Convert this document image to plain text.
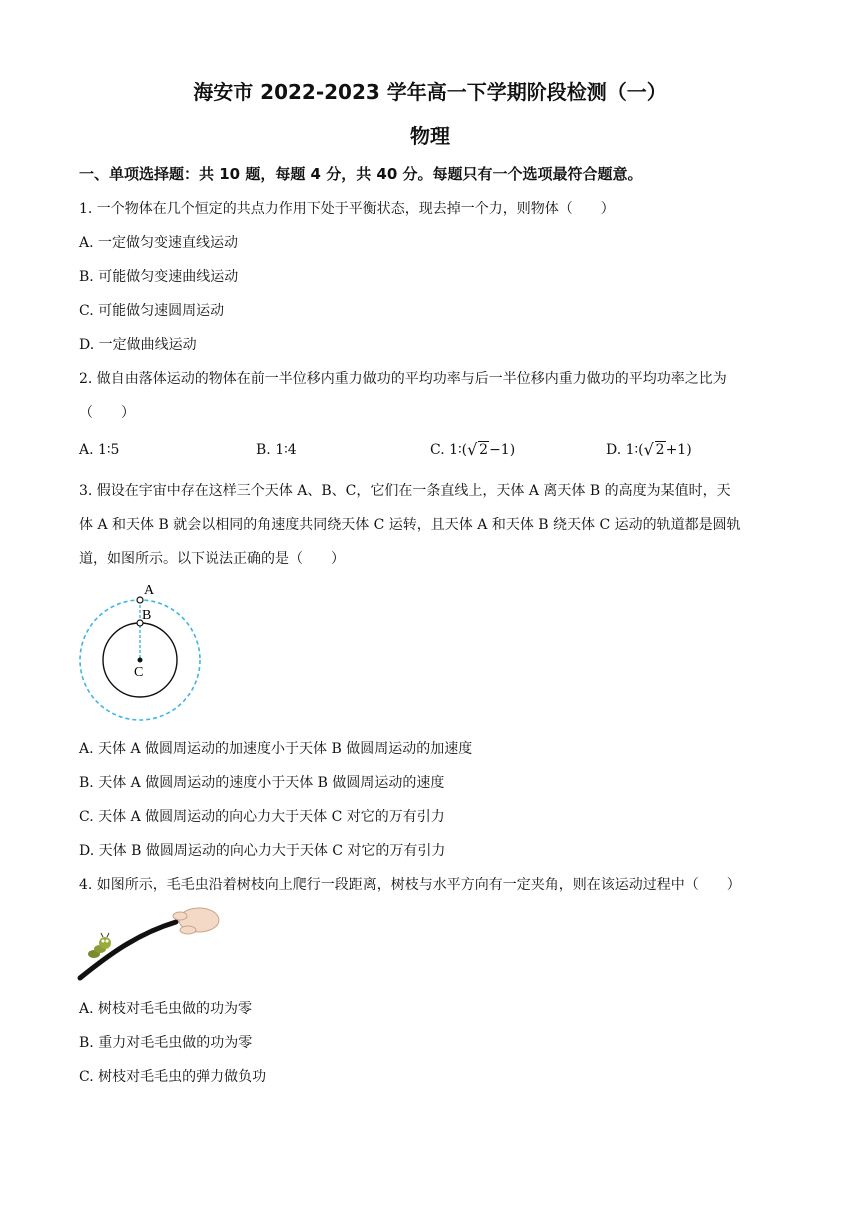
海安市 2022-2023 学年高一下学期阶段检测（一）
物理
一、单项选择题：共 10 题，每题 4 分，共 40 分。每题只有一个选项最符合题意。
1. 一个物体在几个恒定的共点力作用下处于平衡状态，现去掉一个力，则物体（　　）
A. 一定做匀变速直线运动
B. 可能做匀变速曲线运动
C. 可能做匀速圆周运动
D. 一定做曲线运动
2. 做自由落体运动的物体在前一半位移内重力做功的平均功率与后一半位移内重力做功的平均功率之比为
（　　）
A. 1∶5	B. 1∶4	C. 1∶( √ 2−1)	D. 1∶( √ 2+1)
3. 假设在宇宙中存在这样三个天体 A、B、C，它们在一条直线上，天体 A 离天体 B 的高度为某值时，天
体 A 和天体 B 就会以相同的角速度共同绕天体 C 运转，且天体 A 和天体 B 绕天体 C 运动的轨道都是圆轨
道，如图所示。以下说法正确的是（　　）
A
B
C
A. 天体 A 做圆周运动的加速度小于天体 B 做圆周运动的加速度
B. 天体 A 做圆周运动的速度小于天体 B 做圆周运动的速度
C. 天体 A 做圆周运动的向心力大于天体 C 对它的万有引力
D. 天体 B 做圆周运动的向心力大于天体 C 对它的万有引力
4. 如图所示，毛毛虫沿着树枝向上爬行一段距离，树枝与水平方向有一定夹角，则在该运动过程中（　　）
A. 树枝对毛毛虫做的功为零
B. 重力对毛毛虫做的功为零
C. 树枝对毛毛虫的弹力做负功
